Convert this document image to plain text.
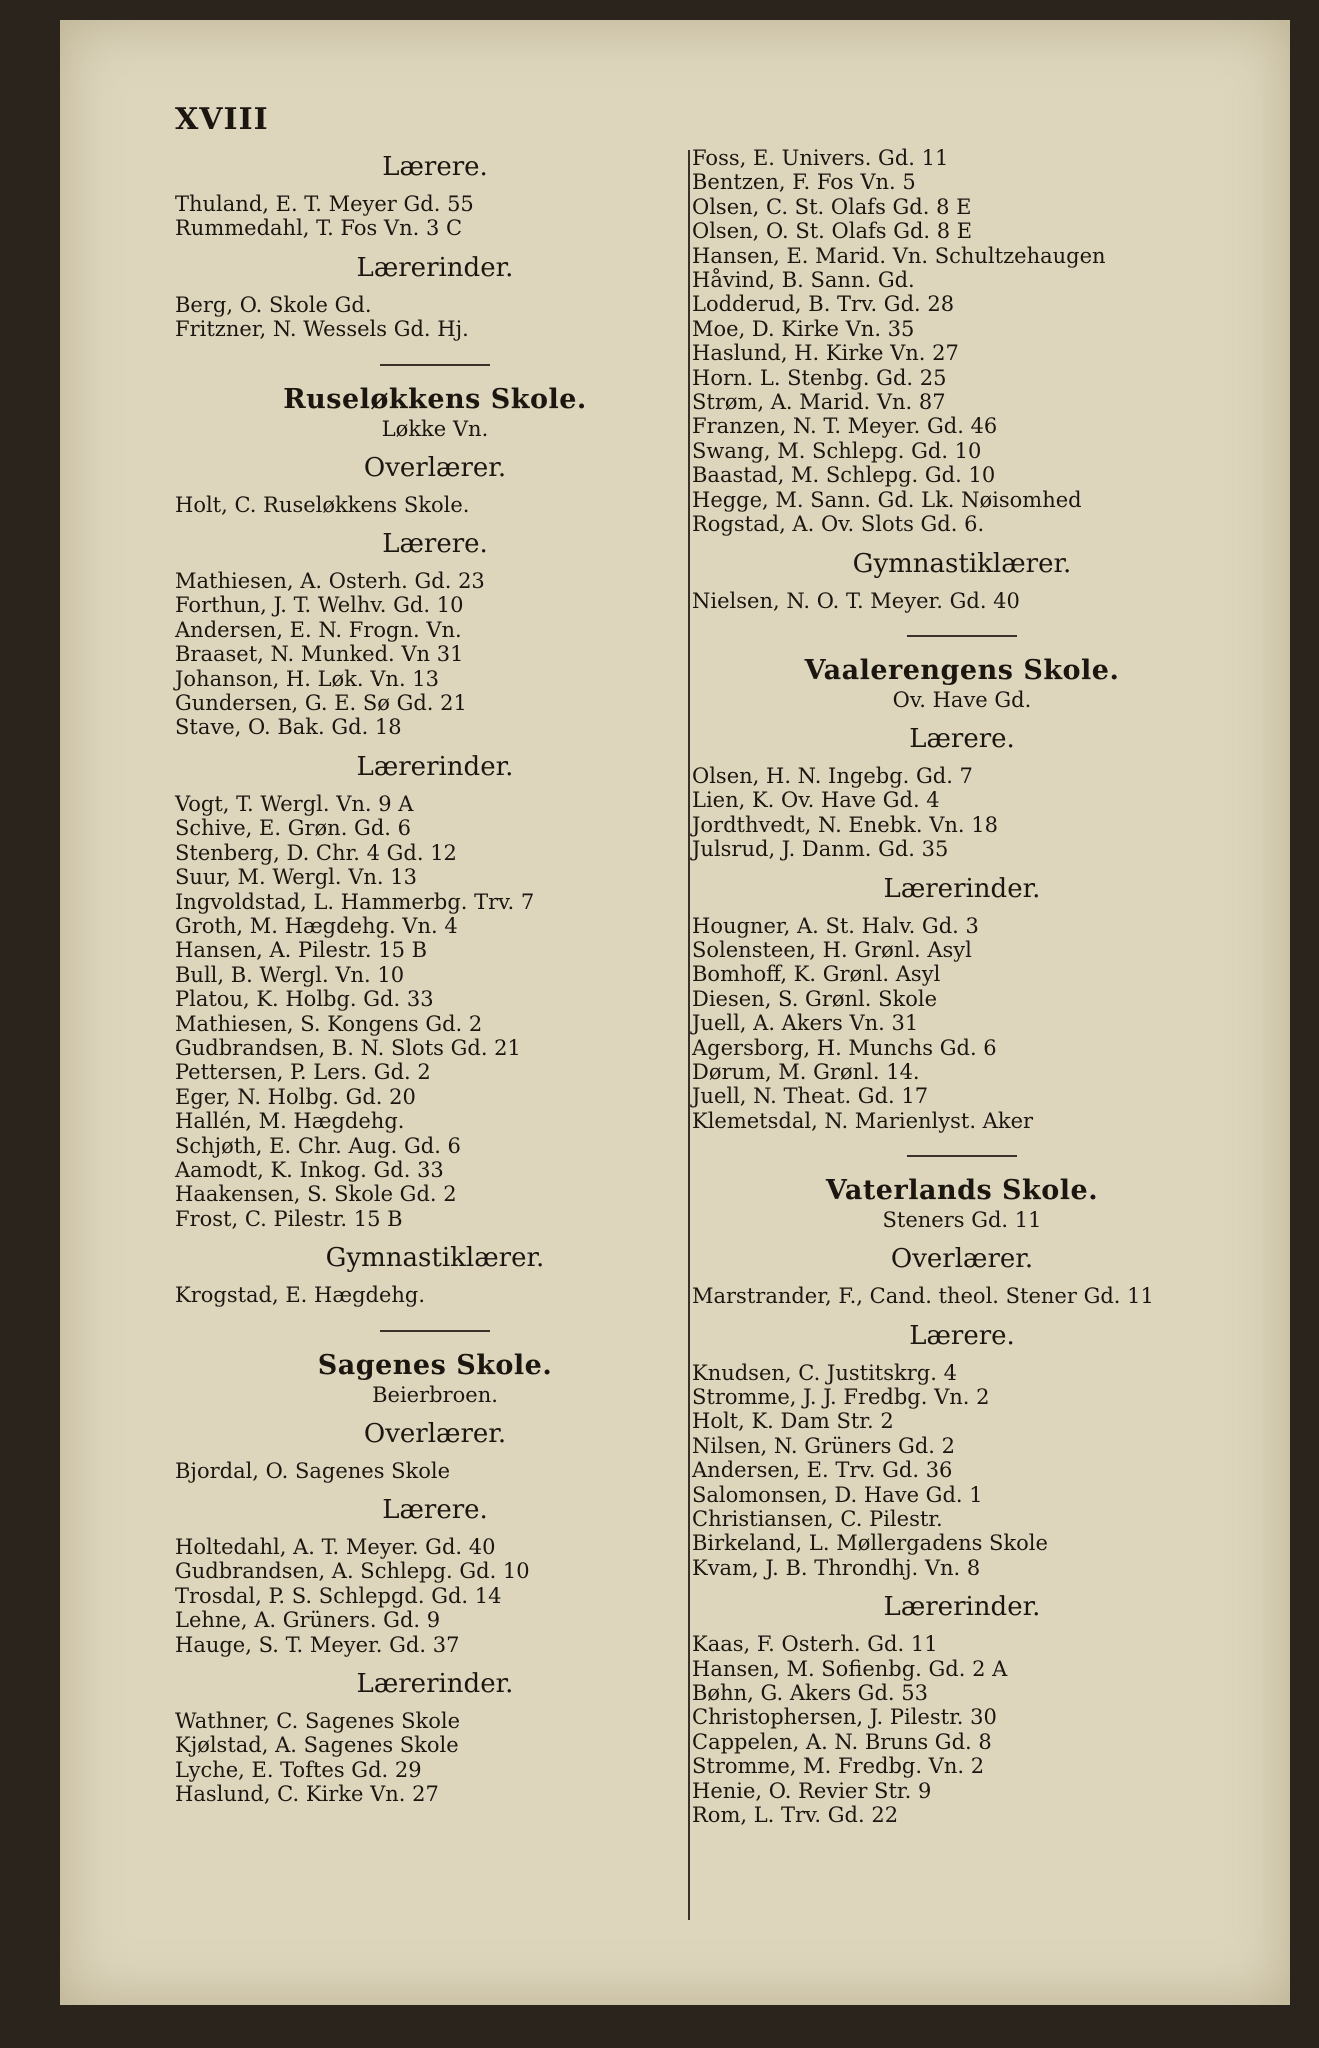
XVIII
Lærere.
Thuland, E. T. Meyer Gd. 55
Rummedahl, T. Fos Vn. 3 C
Lærerinder.
Berg, O. Skole Gd.
Fritzner, N. Wessels Gd. Hj.
Ruseløkkens Skole.
Løkke Vn.
Overlærer.
Holt, C. Ruseløkkens Skole.
Lærere.
Mathiesen, A. Osterh. Gd. 23
Forthun, J. T. Welhv. Gd. 10
Andersen, E. N. Frogn. Vn.
Braaset, N. Munked. Vn 31
Johanson, H. Løk. Vn. 13
Gundersen, G. E. Sø Gd. 21
Stave, O. Bak. Gd. 18
Lærerinder.
Vogt, T. Wergl. Vn. 9 A
Schive, E. Grøn. Gd. 6
Stenberg, D. Chr. 4 Gd. 12
Suur, M. Wergl. Vn. 13
Ingvoldstad, L. Hammerbg. Trv. 7
Groth, M. Hægdehg. Vn. 4
Hansen, A. Pilestr. 15 B
Bull, B. Wergl. Vn. 10
Platou, K. Holbg. Gd. 33
Mathiesen, S. Kongens Gd. 2
Gudbrandsen, B. N. Slots Gd. 21
Pettersen, P. Lers. Gd. 2
Eger, N. Holbg. Gd. 20
Hallén, M. Hægdehg.
Schjøth, E. Chr. Aug. Gd. 6
Aamodt, K. Inkog. Gd. 33
Haakensen, S. Skole Gd. 2
Frost, C. Pilestr. 15 B
Gymnastiklærer.
Krogstad, E. Hægdehg.
Sagenes Skole.
Beierbroen.
Overlærer.
Bjordal, O. Sagenes Skole
Lærere.
Holtedahl, A. T. Meyer. Gd. 40
Gudbrandsen, A. Schlepg. Gd. 10
Trosdal, P. S. Schlepgd. Gd. 14
Lehne, A. Grüners. Gd. 9
Hauge, S. T. Meyer. Gd. 37
Lærerinder.
Wathner, C. Sagenes Skole
Kjølstad, A. Sagenes Skole
Lyche, E. Toftes Gd. 29
Haslund, C. Kirke Vn. 27
Foss, E. Univers. Gd. 11
Bentzen, F. Fos Vn. 5
Olsen, C. St. Olafs Gd. 8 E
Olsen, O. St. Olafs Gd. 8 E
Hansen, E. Marid. Vn. Schultzehaugen
Håvind, B. Sann. Gd.
Lodderud, B. Trv. Gd. 28
Moe, D. Kirke Vn. 35
Haslund, H. Kirke Vn. 27
Horn. L. Stenbg. Gd. 25
Strøm, A. Marid. Vn. 87
Franzen, N. T. Meyer. Gd. 46
Swang, M. Schlepg. Gd. 10
Baastad, M. Schlepg. Gd. 10
Hegge, M. Sann. Gd. Lk. Nøisomhed
Rogstad, A. Ov. Slots Gd. 6.
Gymnastiklærer.
Nielsen, N. O. T. Meyer. Gd. 40
Vaalerengens Skole.
Ov. Have Gd.
Lærere.
Olsen, H. N. Ingebg. Gd. 7
Lien, K. Ov. Have Gd. 4
Jordthvedt, N. Enebk. Vn. 18
Julsrud, J. Danm. Gd. 35
Lærerinder.
Hougner, A. St. Halv. Gd. 3
Solensteen, H. Grønl. Asyl
Bomhoff, K. Grønl. Asyl
Diesen, S. Grønl. Skole
Juell, A. Akers Vn. 31
Agersborg, H. Munchs Gd. 6
Dørum, M. Grønl. 14.
Juell, N. Theat. Gd. 17
Klemetsdal, N. Marienlyst. Aker
Vaterlands Skole.
Steners Gd. 11
Overlærer.
Marstrander, F., Cand. theol. Stener Gd. 11
Lærere.
Knudsen, C. Justitskrg. 4
Stromme, J. J. Fredbg. Vn. 2
Holt, K. Dam Str. 2
Nilsen, N. Grüners Gd. 2
Andersen, E. Trv. Gd. 36
Salomonsen, D. Have Gd. 1
Christiansen, C. Pilestr.
Birkeland, L. Møllergadens Skole
Kvam, J. B. Throndhj. Vn. 8
Lærerinder.
Kaas, F. Osterh. Gd. 11
Hansen, M. Sofienbg. Gd. 2 A
Bøhn, G. Akers Gd. 53
Christophersen, J. Pilestr. 30
Cappelen, A. N. Bruns Gd. 8
Stromme, M. Fredbg. Vn. 2
Henie, O. Revier Str. 9
Rom, L. Trv. Gd. 22
